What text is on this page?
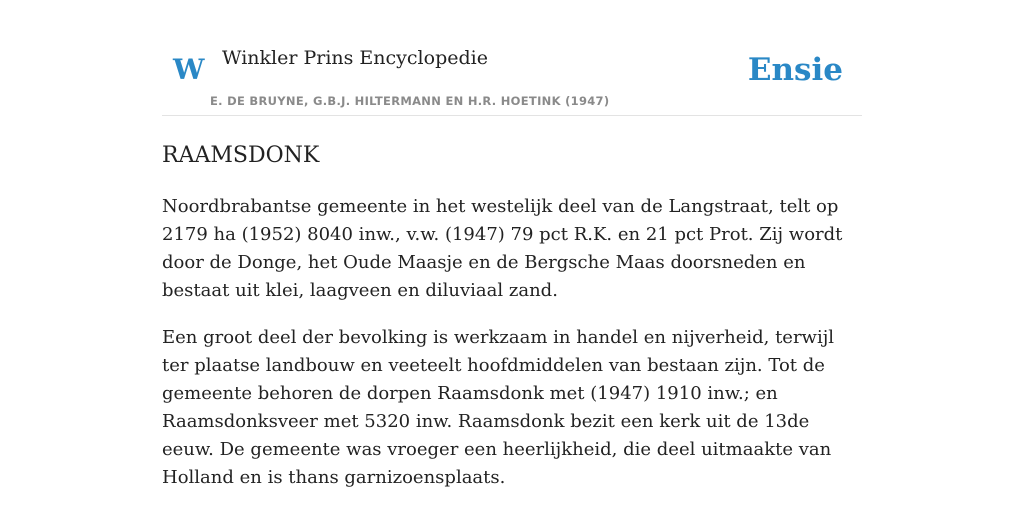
W Winkler Prins Encyclopedie
E. DE BRUYNE, G.B.J. HILTERMANN EN H.R. HOETINK (1947)
Ensie
RAAMSDONK

Noordbrabantse gemeente in het westelijk deel van de Langstraat, telt op 2179 ha (1952) 8040 inw., v.w. (1947) 79 pct R.K. en 21 pct Prot. Zij wordt door de Donge, het Oude Maasje en de Bergsche Maas doorsneden en bestaat uit klei, laagveen en diluviaal zand.

Een groot deel der bevolking is werkzaam in handel en nijverheid, terwijl ter plaatse landbouw en veeteelt hoofdmiddelen van bestaan zijn. Tot de gemeente behoren de dorpen Raamsdonk met (1947) 1910 inw.; en Raamsdonksveer met 5320 inw. Raamsdonk bezit een kerk uit de 13de eeuw. De gemeente was vroeger een heerlijkheid, die deel uitmaakte van Holland en is thans garnizoensplaats.
